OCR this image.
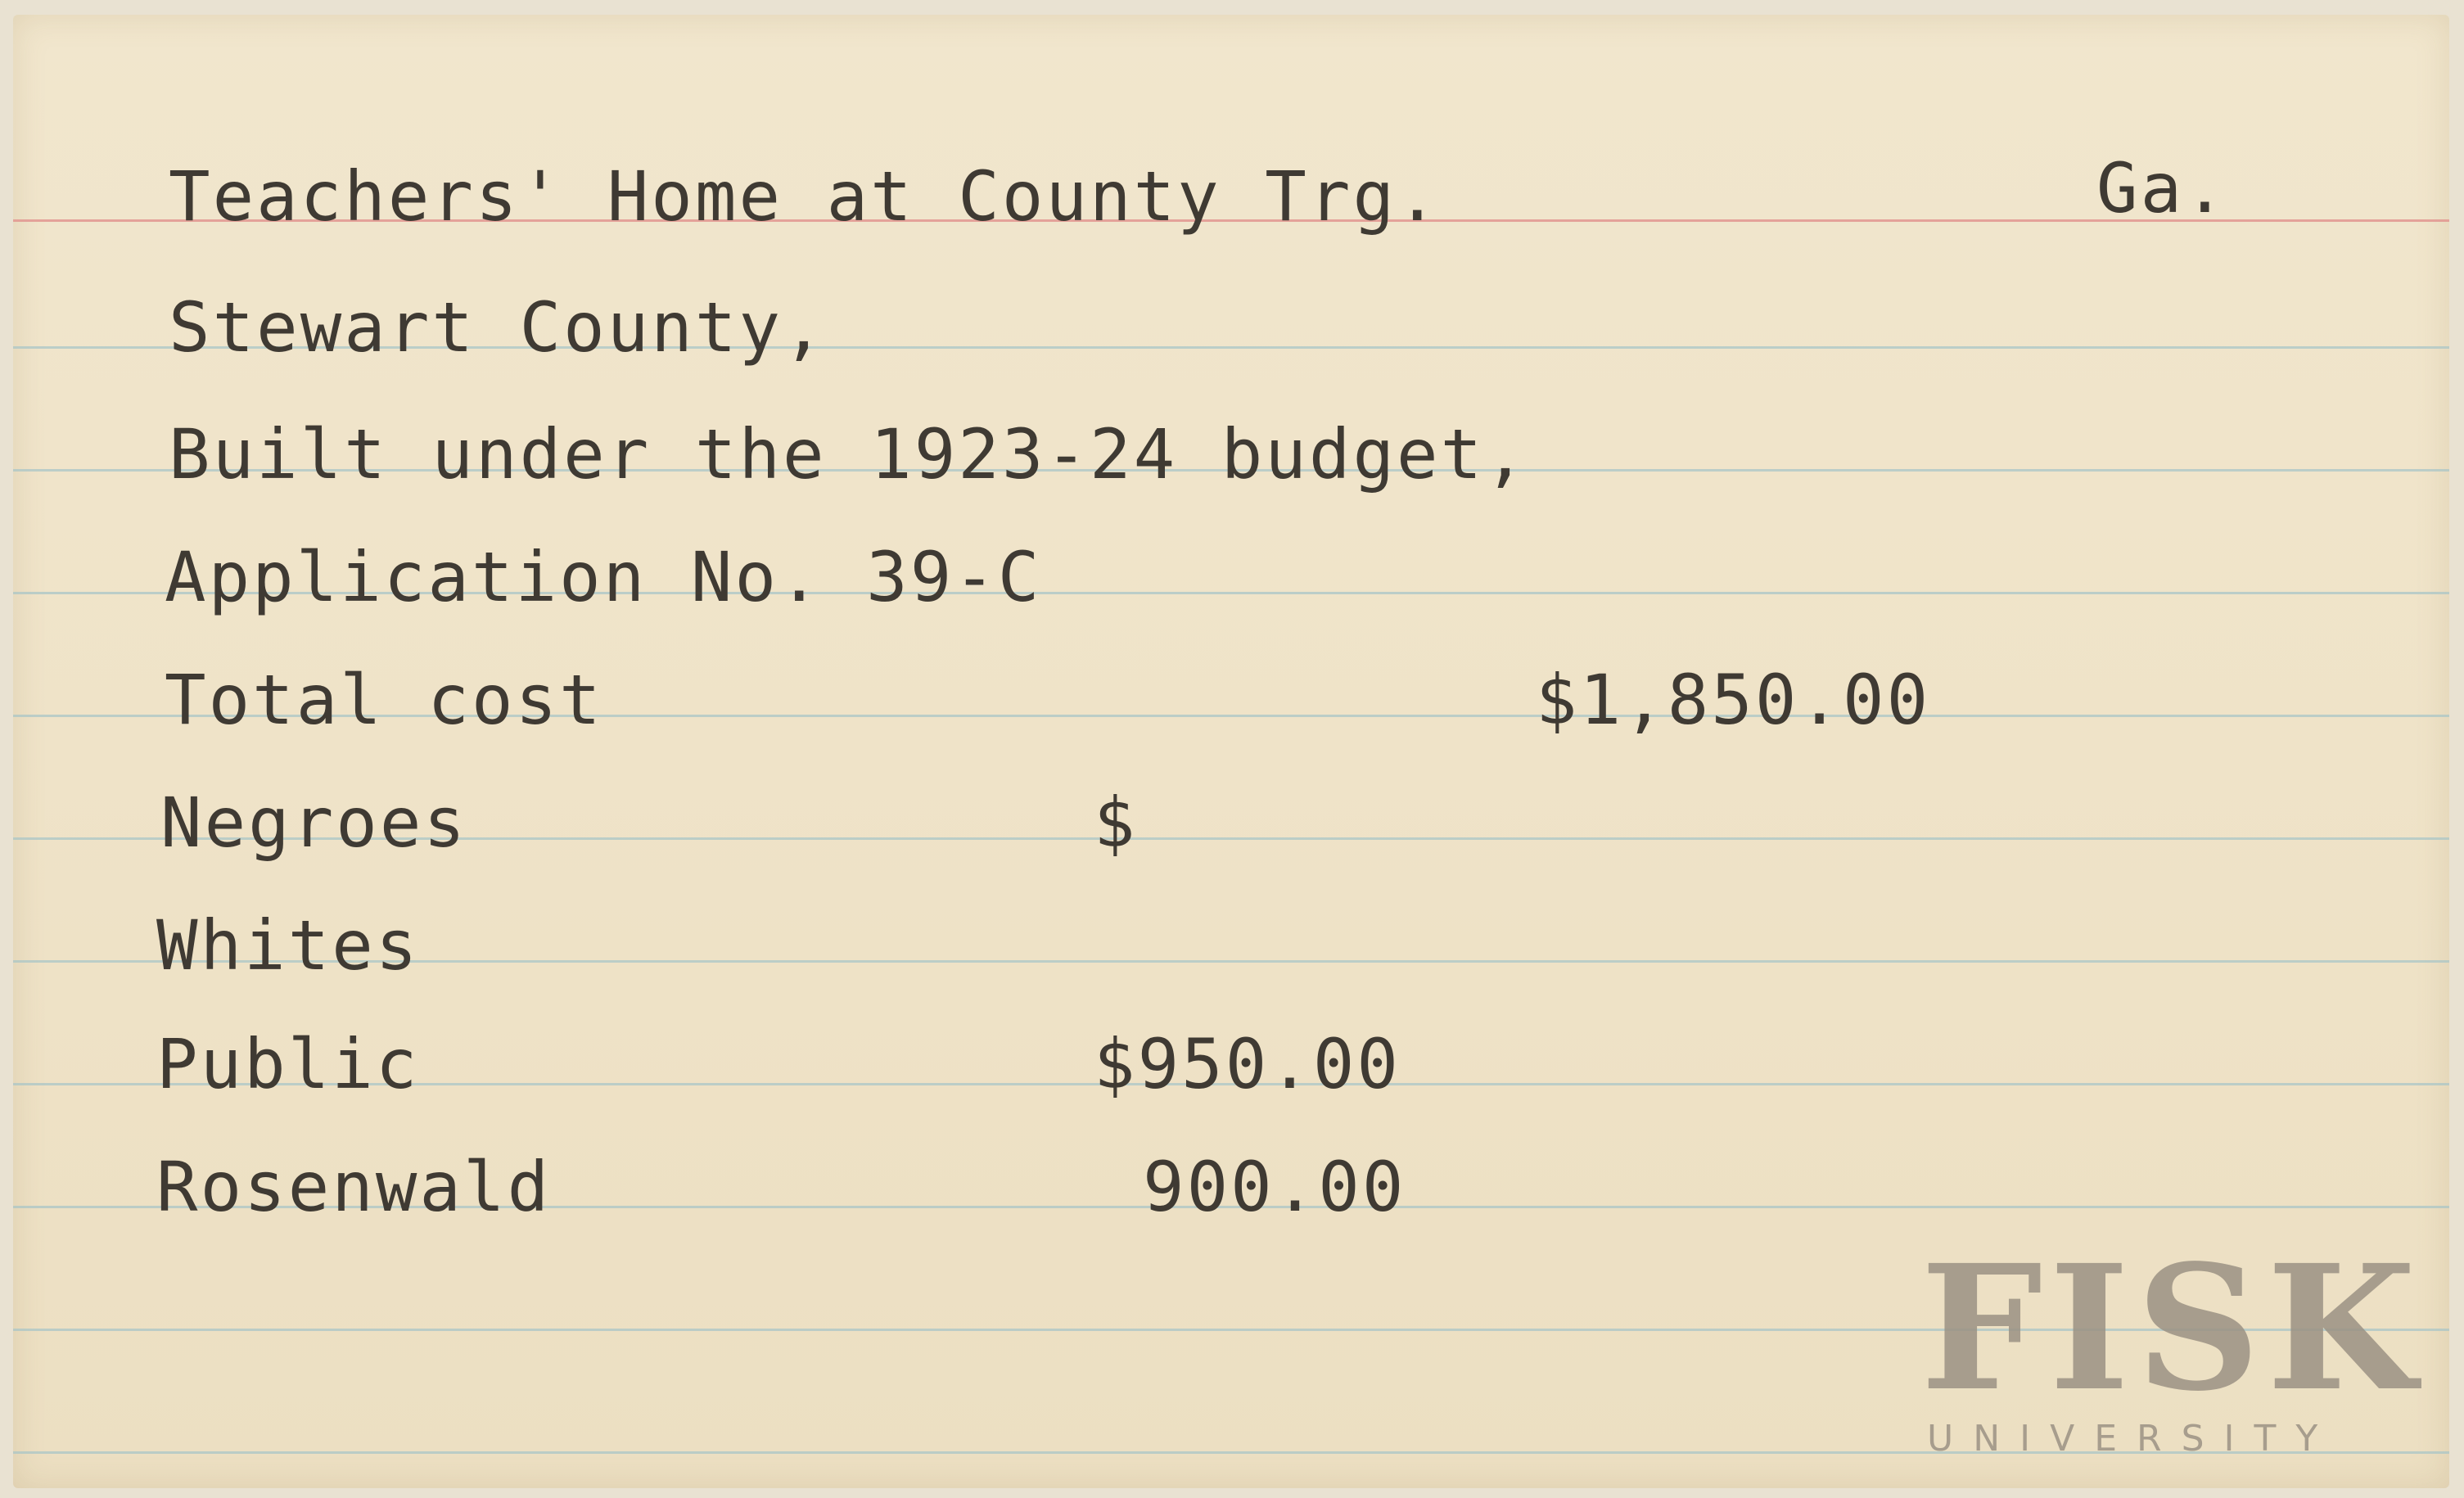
Teachers' Home at County Trg.	Ga.
Stewart County,
Built under the 1923-24 budget,
Application No. 39-C
Total cost	$1,850.00
Negroes	$
Whites
Public	$950.00
Rosenwald	900.00
FISK
UNIVERSITY
